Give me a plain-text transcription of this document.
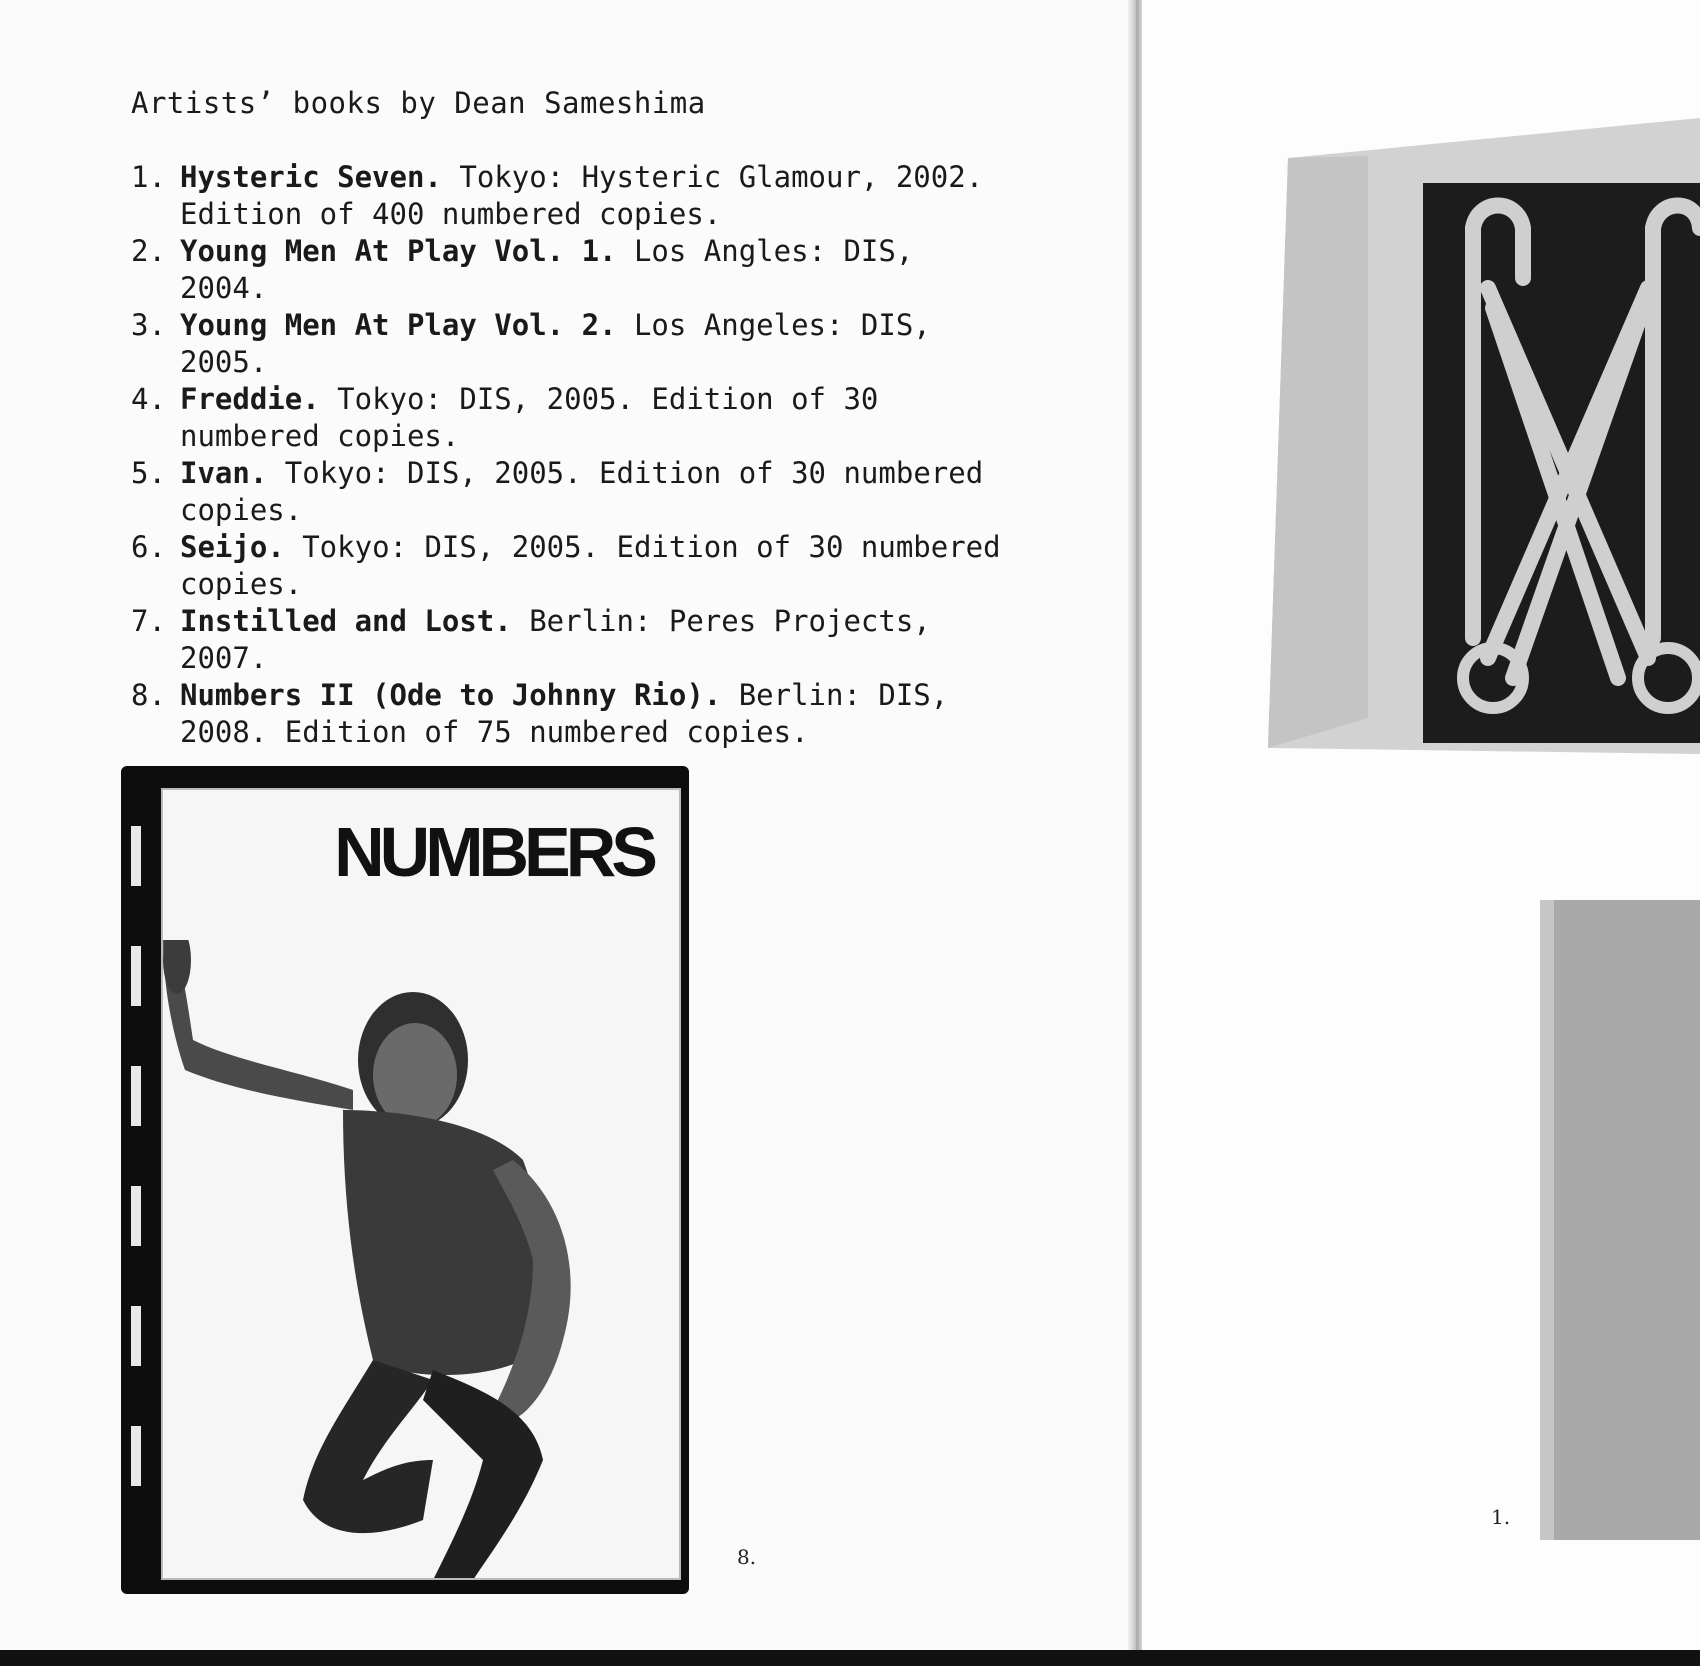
Artists’ books by Dean Sameshima
1. Hysteric Seven. Tokyo: Hysteric Glamour, 2002. Edition of 400 numbered copies.
2. Young Men At Play Vol. 1. Los Angles: DIS, 2004.
3. Young Men At Play Vol. 2. Los Angeles: DIS, 2005.
4. Freddie. Tokyo: DIS, 2005. Edition of 30 numbered copies.
5. Ivan. Tokyo: DIS, 2005. Edition of 30 numbered copies.
6. Seijo. Tokyo: DIS, 2005. Edition of 30 numbered copies.
7. Instilled and Lost. Berlin: Peres Projects, 2007.
8. Numbers II (Ode to Johnny Rio). Berlin: DIS, 2008. Edition of 75 numbered copies.
NUMBERS
8.
1.
